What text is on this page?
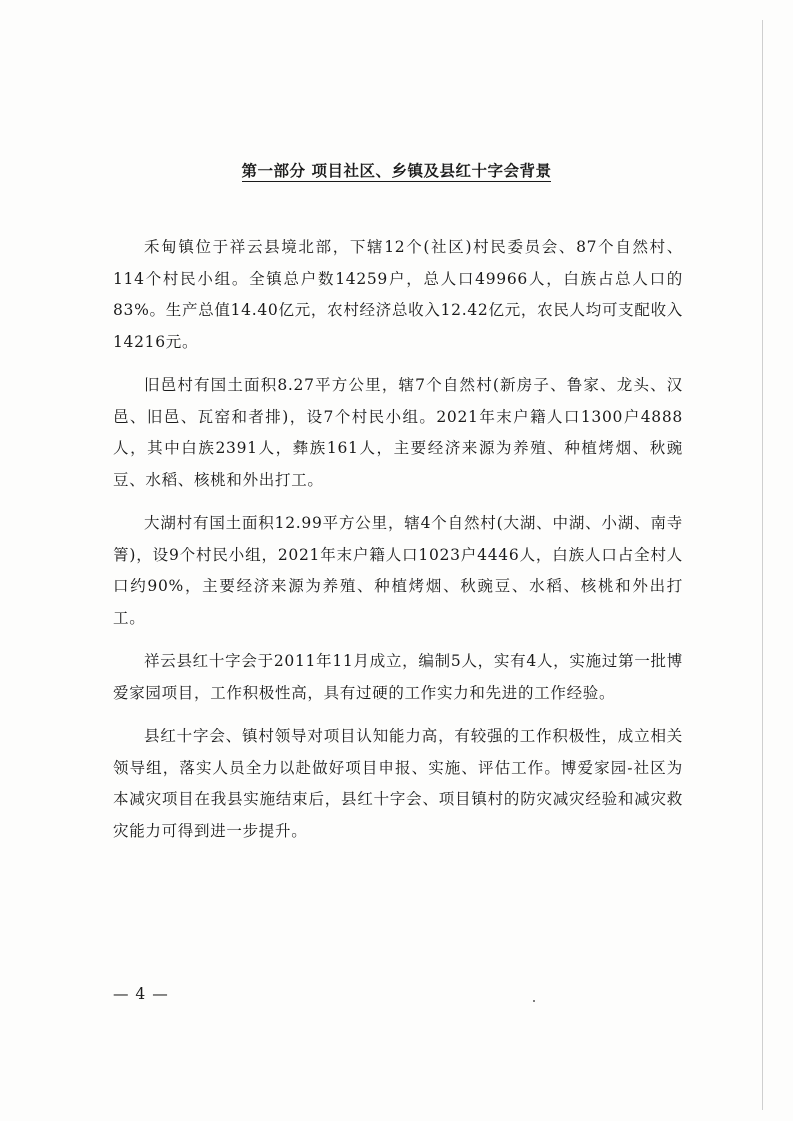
第一部分 项目社区、乡镇及县红十字会背景

禾甸镇位于祥云县境北部，下辖12个(社区)村民委员会、87个自然村、114个村民小组。全镇总户数14259户，总人口49966人，白族占总人口的83%。生产总值14.40亿元，农村经济总收入12.42亿元，农民人均可支配收入14216元。

旧邑村有国土面积8.27平方公里，辖7个自然村(新房子、鲁家、龙头、汉邑、旧邑、瓦窑和者排)，设7个村民小组。2021年末户籍人口1300户4888人，其中白族2391人，彝族161人，主要经济来源为养殖、种植烤烟、秋豌豆、水稻、核桃和外出打工。

大湖村有国土面积12.99平方公里，辖4个自然村(大湖、中湖、小湖、南寺箐)，设9个村民小组，2021年末户籍人口1023户4446人，白族人口占全村人口约90%，主要经济来源为养殖、种植烤烟、秋豌豆、水稻、核桃和外出打工。

祥云县红十字会于2011年11月成立，编制5人，实有4人，实施过第一批博爱家园项目，工作积极性高，具有过硬的工作实力和先进的工作经验。

县红十字会、镇村领导对项目认知能力高，有较强的工作积极性，成立相关领导组，落实人员全力以赴做好项目申报、实施、评估工作。博爱家园-社区为本减灾项目在我县实施结束后，县红十字会、项目镇村的防灾减灾经验和减灾救灾能力可得到进一步提升。

— 4 —
